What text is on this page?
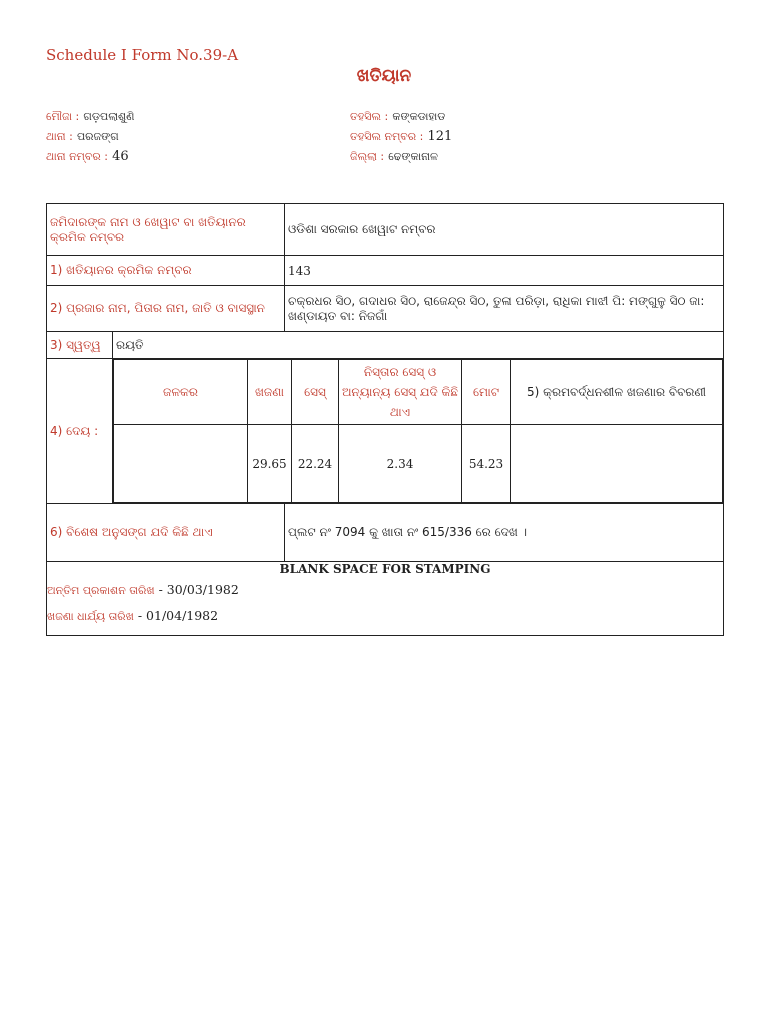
Schedule I Form No.39-A
ଖତିୟାନ
ମୌଜା : ଗଡ଼ପଲାଶୁଣି
ଥାନା : ପରଜଙ୍ଗ
ଥାନା ନମ୍ବର : 46
ତହସିଲ : କଙ୍କଡାହାଡ
ତହସିଲ ନମ୍ବର : 121
ଜିଲ୍ଲା : ଢେଙ୍କାନାଳ
ଜମିଦାରଙ୍କ ନାମ ଓ ଖେୱାଟ ବା ଖତିୟାନର କ୍ରମିକ ନମ୍ବର	ଓଡିଶା ସରକାର ଖେୱାଟ ନମ୍ବର
1) ଖତିୟାନର କ୍ରମିକ ନମ୍ବର	143
2) ପ୍ରଜାର ନାମ, ପିତାର ନାମ, ଜାତି ଓ ବାସସ୍ଥାନ	ଚକ୍ରଧର ସିଠ, ଗଦାଧର ସିଠ, ରାଜେନ୍ଦ୍ର ସିଠ, ତୁଳା ପରିଡ଼ା, ରାଧିକା ମାଝୀ ପି: ମଙ୍ଗୁଳୁ ସିଠ ଜା: ଖଣ୍ଡାୟତ ବା: ନିଜଗାଁ
3) ସ୍ୱତ୍ୱ	ରୟତି
4) ଦେୟ :	
ଜଳକର	ଖଜଣା	ସେସ୍	ନିସ୍ତାର ସେସ୍ ଓ ଅନ୍ୟାନ୍ୟ ସେସ୍ ଯଦି କିଛି ଥାଏ	ମୋଟ	5) କ୍ରମବର୍ଦ୍ଧନଶୀଳ ଖଜଣାର ବିବରଣୀ
	29.65	22.24	2.34	54.23	

6) ବିଶେଷ ଅନୁସଙ୍ଗ ଯଦି କିଛି ଥାଏ	ପ୍ଲଟ ନଂ 7094 କୁ ଖାତା ନଂ 615/336 ରେ ଦେଖ ।

BLANK SPACE FOR STAMPING
ଅନ୍ତିମ ପ୍ରକାଶନ ତାରିଖ - 30/03/1982
ଖଜଣା ଧାର୍ଯ୍ୟ ତାରିଖ - 01/04/1982
